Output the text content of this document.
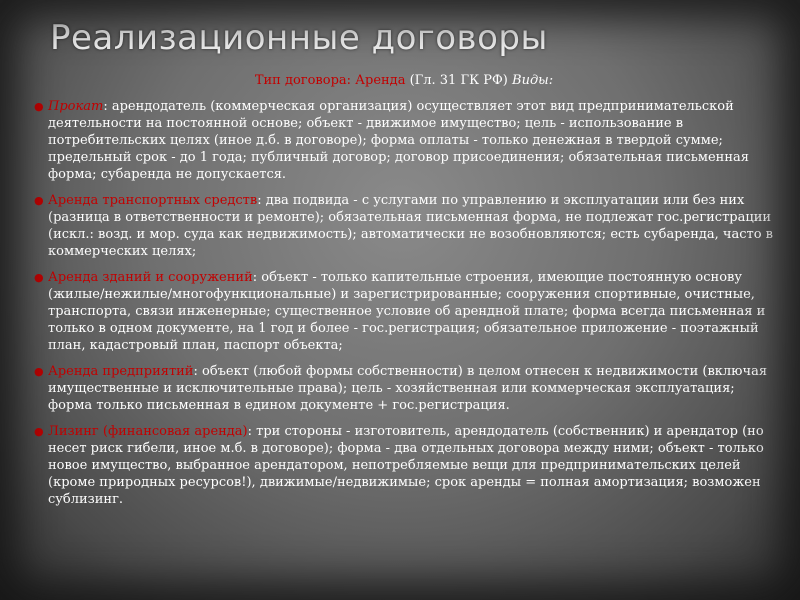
Реализационные договоры

Тип договора: Аренда (Гл. 31 ГК РФ) Виды:

● Прокат: арендодатель (коммерческая организация) осуществляет этот вид предпринимательской деятельности на постоянной основе; объект - движимое имущество; цель - использование в потребительских целях (иное д.б. в договоре); форма оплаты - только денежная в твердой сумме; предельный срок - до 1 года; публичный договор; договор присоединения; обязательная письменная форма; субаренда не допускается.
● Аренда транспортных средств: два подвида - с услугами по управлению и эксплуатации или без них (разница в ответственности и ремонте); обязательная письменная форма, не подлежат гос.регистрации (искл.: возд. и мор. суда как недвижимость); автоматически не возобновляются; есть субаренда, часто в коммерческих целях;
● Аренда зданий и сооружений: объект - только капительные строения, имеющие постоянную основу (жилые/нежилые/многофункциональные) и зарегистрированные; сооружения спортивные, очистные, транспорта, связи инженерные; существенное условие об арендной плате; форма всегда письменная и только в одном документе, на 1 год и более - гос.регистрация; обязательное приложение - поэтажный план, кадастровый план, паспорт объекта;
● Аренда предприятий: объект (любой формы собственности) в целом отнесен к недвижимости (включая имущественные и исключительные права); цель - хозяйственная или коммерческая эксплуатация; форма только письменная в едином документе + гос.регистрация.
● Лизинг (финансовая аренда): три стороны - изготовитель, арендодатель (собственник) и арендатор (но несет риск гибели, иное м.б. в договоре); форма - два отдельных договора между ними; объект - только новое имущество, выбранное арендатором, непотребляемые вещи для предпринимательских целей (кроме природных ресурсов!), движимые/недвижимые; срок аренды = полная амортизация; возможен сублизинг.
